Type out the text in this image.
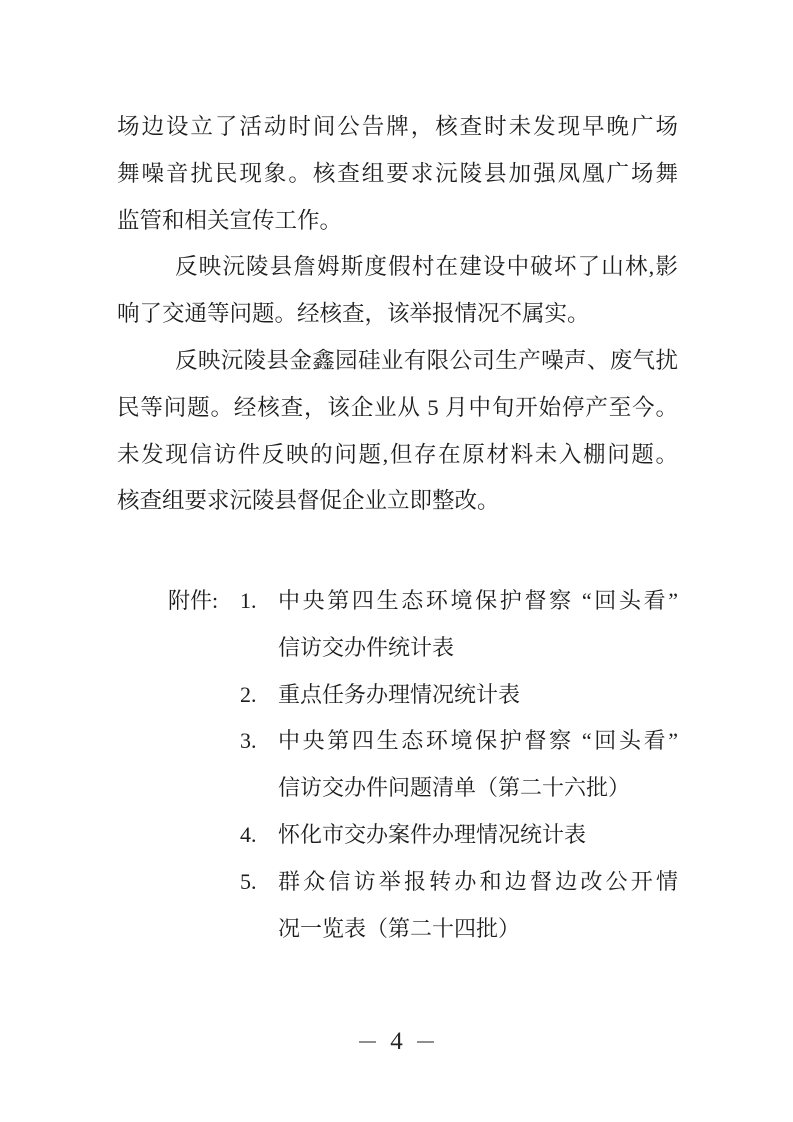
场边设立了活动时间公告牌，核查时未发现早晚广场
舞噪音扰民现象。核查组要求沅陵县加强凤凰广场舞
监管和相关宣传工作。
反映沅陵县詹姆斯度假村在建设中破坏了山林,影
响了交通等问题。经核查，该举报情况不属实。
反映沅陵县金鑫园硅业有限公司生产噪声、废气扰
民等问题。经核查，该企业从 5 月中旬开始停产至今。
未发现信访件反映的问题,但存在原材料未入棚问题。
核查组要求沅陵县督促企业立即整改。
附件: 1. 中央第四生态环境保护督察 “回头看”
信访交办件统计表
2. 重点任务办理情况统计表
3. 中央第四生态环境保护督察 “回头看”
信访交办件问题清单（第二十六批）
4. 怀化市交办案件办理情况统计表
5. 群众信访举报转办和边督边改公开情
况一览表（第二十四批）
4
